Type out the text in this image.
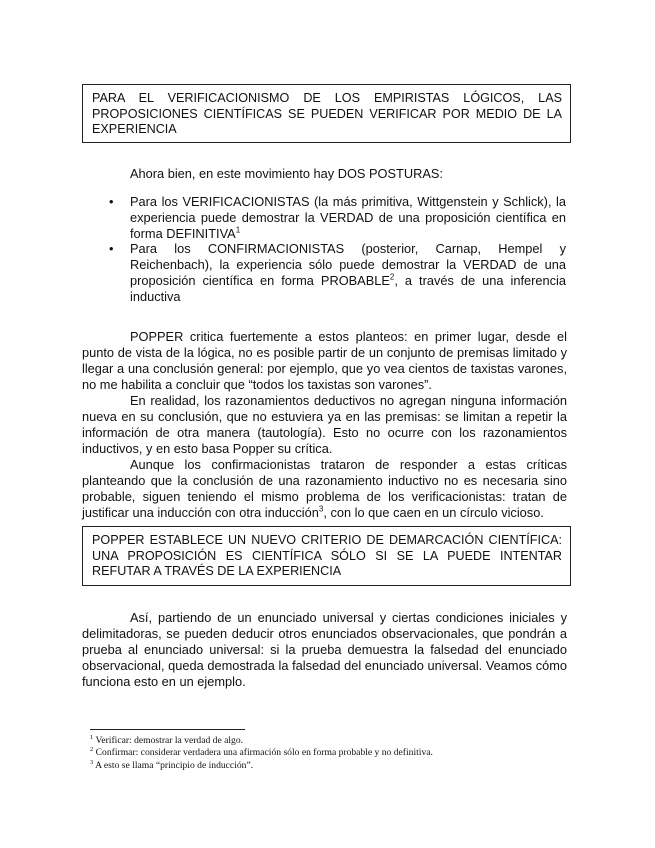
PARA EL VERIFICACIONISMO DE LOS EMPIRISTAS LÓGICOS, LAS PROPOSICIONES CIENTÍFICAS SE PUEDEN VERIFICAR POR MEDIO DE LA EXPERIENCIA
Ahora bien, en este movimiento hay DOS POSTURAS:
• Para los VERIFICACIONISTAS (la más primitiva, Wittgenstein y Schlick), la experiencia puede demostrar la VERDAD de una proposición científica en forma DEFINITIVA$^1$
• Para los CONFIRMACIONISTAS (posterior, Carnap, Hempel y Reichenbach), la experiencia sólo puede demostrar la VERDAD de una proposición científica en forma PROBABLE$^2$, a través de una inferencia inductiva
POPPER critica fuertemente a estos planteos: en primer lugar, desde el punto de vista de la lógica, no es posible partir de un conjunto de premisas limitado y llegar a una conclusión general: por ejemplo, que yo vea cientos de taxistas varones, no me habilita a concluir que “todos los taxistas son varones”.
En realidad, los razonamientos deductivos no agregan ninguna información nueva en su conclusión, que no estuviera ya en las premisas: se limitan a repetir la información de otra manera (tautología). Esto no ocurre con los razonamientos inductivos, y en esto basa Popper su crítica.
Aunque los confirmacionistas trataron de responder a estas críticas planteando que la conclusión de una razonamiento inductivo no es necesaria sino probable, siguen teniendo el mismo problema de los verificacionistas: tratan de justificar una inducción con otra inducción$^3$, con lo que caen en un círculo vicioso.
POPPER ESTABLECE UN NUEVO CRITERIO DE DEMARCACIÓN CIENTÍFICA: UNA PROPOSICIÓN ES CIENTÍFICA SÓLO SI SE LA PUEDE INTENTAR REFUTAR A TRAVÉS DE LA EXPERIENCIA
Así, partiendo de un enunciado universal y ciertas condiciones iniciales y delimitadoras, se pueden deducir otros enunciados observacionales, que pondrán a prueba al enunciado universal: si la prueba demuestra la falsedad del enunciado observacional, queda demostrada la falsedad del enunciado universal. Veamos cómo funciona esto en un ejemplo.
$^1$ Verificar: demostrar la verdad de algo.
$^2$ Confirmar: considerar verdadera una afirmación sólo en forma probable y no definitiva.
$^3$ A esto se llama “principio de inducción”.
